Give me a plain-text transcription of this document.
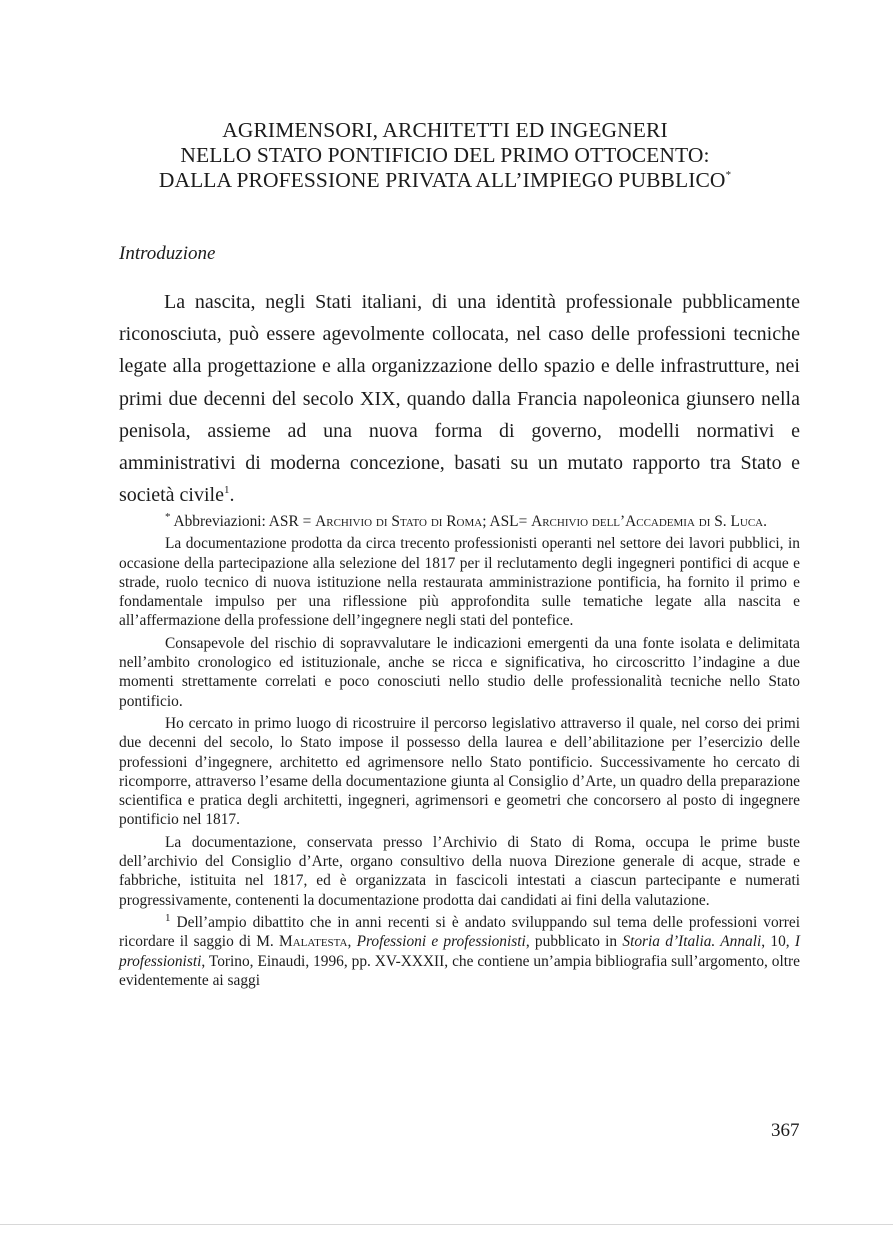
AGRIMENSORI, ARCHITETTI ED INGEGNERI
NELLO STATO PONTIFICIO DEL PRIMO OTTOCENTO:
DALLA PROFESSIONE PRIVATA ALL’IMPIEGO PUBBLICO*
Introduzione

La nascita, negli Stati italiani, di una identità professionale pubblicamente riconosciuta, può essere agevolmente collocata, nel caso delle professioni tecniche legate alla progettazione e alla organizzazione dello spazio e delle infrastrutture, nei primi due decenni del secolo XIX, quando dalla Francia napoleonica giunsero nella penisola, assieme ad una nuova forma di governo, modelli normativi e amministrativi di moderna concezione, basati su un mutato rapporto tra Stato e società civile$^1$.

* Abbreviazioni: ASR = Archivio di Stato di Roma; ASL= Archivio dell’Accademia di S. Luca.

La documentazione prodotta da circa trecento professionisti operanti nel settore dei lavori pubblici, in occasione della partecipazione alla selezione del 1817 per il reclutamento degli ingegneri pontifici di acque e strade, ruolo tecnico di nuova istituzione nella restaurata amministrazione pontificia, ha fornito il primo e fondamentale impulso per una riflessione più approfondita sulle tematiche legate alla nascita e all’affermazione della professione dell’ingegnere negli stati del pontefice.

Consapevole del rischio di sopravvalutare le indicazioni emergenti da una fonte isolata e delimitata nell’ambito cronologico ed istituzionale, anche se ricca e significativa, ho circoscritto l’indagine a due momenti strettamente correlati e poco conosciuti nello studio delle professionalità tecniche nello Stato pontificio.

Ho cercato in primo luogo di ricostruire il percorso legislativo attraverso il quale, nel corso dei primi due decenni del secolo, lo Stato impose il possesso della laurea e dell’abilitazione per l’esercizio delle professioni d’ingegnere, architetto ed agrimensore nello Stato pontificio. Successivamente ho cercato di ricomporre, attraverso l’esame della documentazione giunta al Consiglio d’Arte, un quadro della preparazione scientifica e pratica degli architetti, ingegneri, agrimensori e geometri che concorsero al posto di ingegnere pontificio nel 1817.

La documentazione, conservata presso l’Archivio di Stato di Roma, occupa le prime buste dell’archivio del Consiglio d’Arte, organo consultivo della nuova Direzione generale di acque, strade e fabbriche, istituita nel 1817, ed è organizzata in fascicoli intestati a ciascun partecipante e numerati progressivamente, contenenti la documentazione prodotta dai candidati ai fini della valutazione.

$^1$ Dell’ampio dibattito che in anni recenti si è andato sviluppando sul tema delle professioni vorrei ricordare il saggio di M. Malatesta, Professioni e professionisti, pubblicato in Storia d’Italia. Annali, 10, I professionisti, Torino, Einaudi, 1996, pp. XV-XXXII, che contiene un’ampia bibliografia sull’argomento, oltre evidentemente ai saggi

367
